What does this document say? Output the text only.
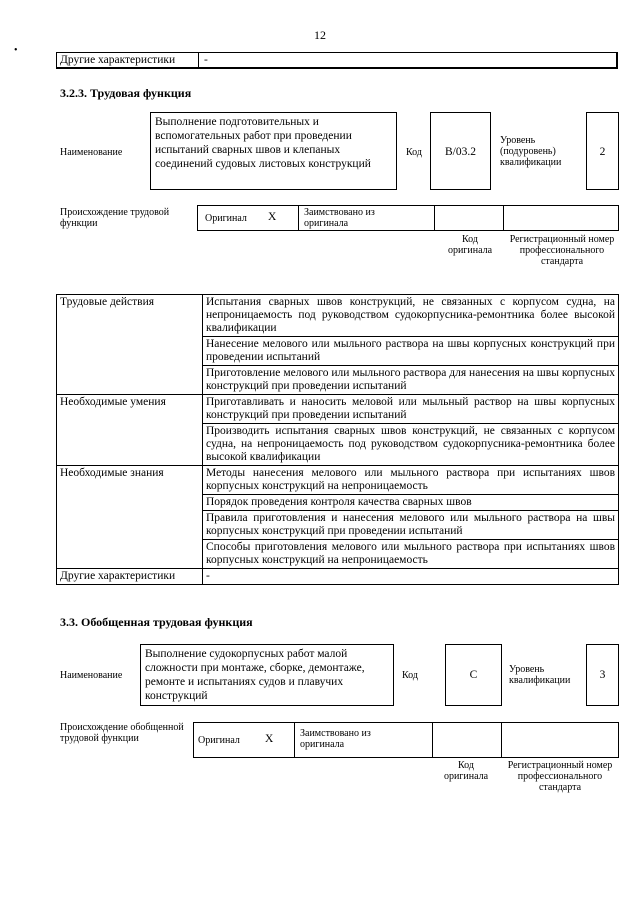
12
•
Другие характеристики	-
3.2.3. Трудовая функция
Наименование
Выполнение подготовительных и вспомогательных работ при проведении испытаний сварных швов и клепаных соединений судовых листовых конструкций
Код	B/03.2
Уровень (подуровень) квалификации
2
Происхождение трудовой функции	Оригинал X	Заимствовано из оригинала
Код оригинала
Регистрационный номер профессионального стандарта
Трудовые действия	Испытания сварных швов конструкций, не связанных с корпусом судна, на непроницаемость под руководством судокорпусника-ремонтника более высокой квалификации
	Нанесение мелового или мыльного раствора на швы корпусных конструкций при проведении испытаний
	Приготовление мелового или мыльного раствора для нанесения на швы корпусных конструкций при проведении испытаний
Необходимые умения	Приготавливать и наносить меловой или мыльный раствор на швы корпусных конструкций при проведении испытаний
	Производить испытания сварных швов конструкций, не связанных с корпусом судна, на непроницаемость под руководством судокорпусника-ремонтника более высокой квалификации
Необходимые знания	Методы нанесения мелового или мыльного раствора при испытаниях швов корпусных конструкций на непроницаемость
	Порядок проведения контроля качества сварных швов
	Правила приготовления и нанесения мелового или мыльного раствора на швы корпусных конструкций при проведении испытаний
	Способы приготовления мелового или мыльного раствора при испытаниях швов корпусных конструкций на непроницаемость
Другие характеристики	-
3.3. Обобщенная трудовая функция
Наименование
Выполнение судокорпусных работ малой сложности при монтаже, сборке, демонтаже, ремонте и испытаниях судов и плавучих конструкций
Код	C	Уровень квалификации	3
Происхождение обобщенной трудовой функции	Оригинал X	Заимствовано из оригинала
Код оригинала
Регистрационный номер профессионального стандарта
